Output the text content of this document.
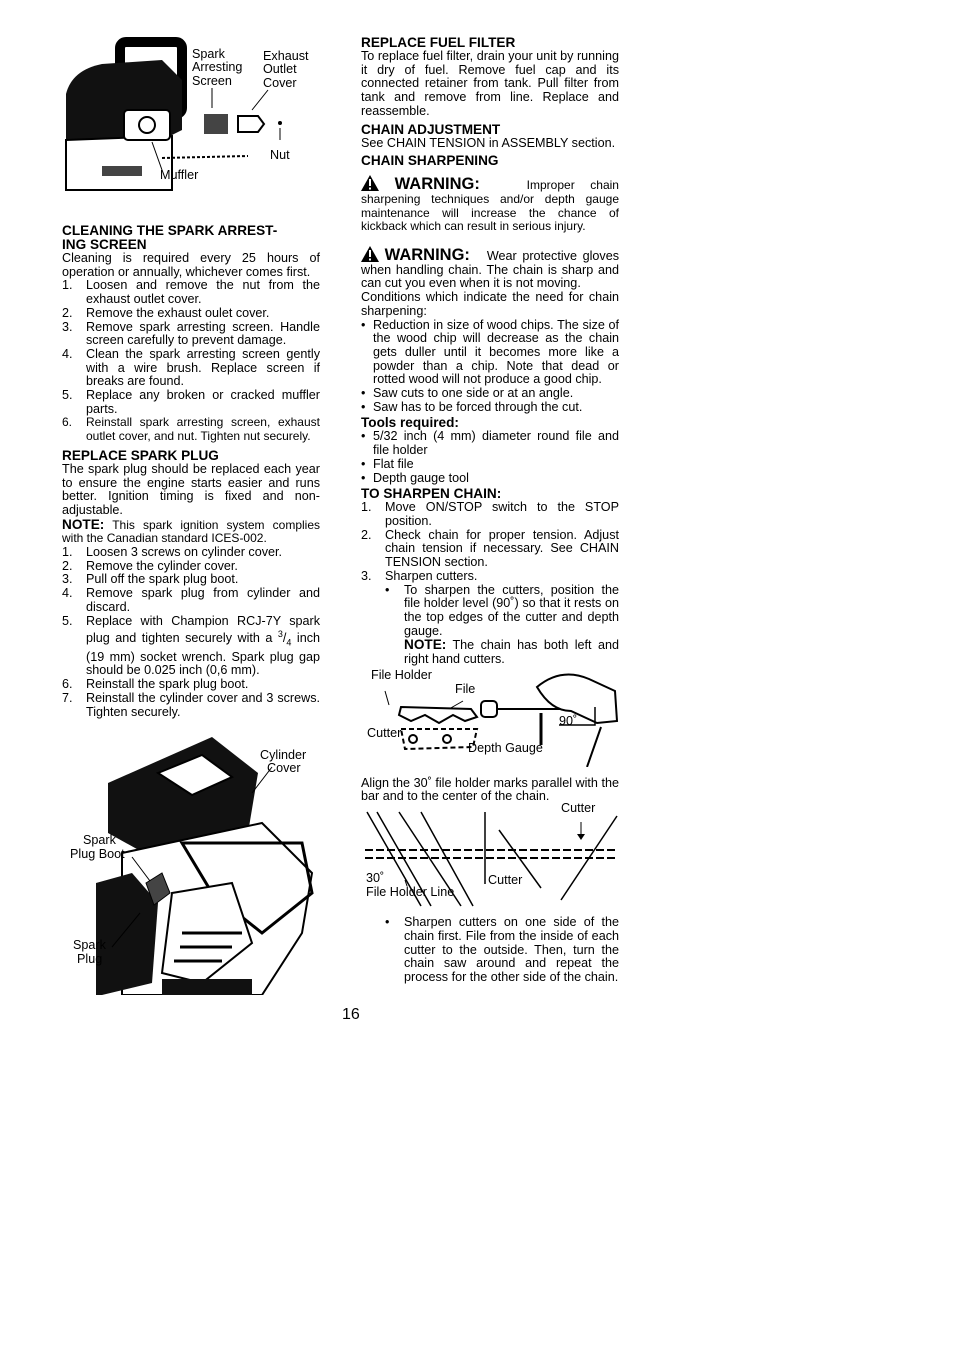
Spark
Arresting
Screen
Exhaust
Outlet
Cover
Nut
Muffler
CLEANING THE SPARK ARREST-
ING SCREEN

Cleaning is required every 25 hours of operation or annually, whichever comes first.

1. Loosen and remove the nut from the exhaust outlet cover.
2. Remove the exhaust oulet cover.
3. Remove spark arresting screen. Handle screen carefully to prevent damage.
4. Clean the spark arresting screen gently with a wire brush. Replace screen if breaks are found.
5. Replace any broken or cracked muffler parts.
6. Reinstall spark arresting screen, exhaust outlet cover, and nut. Tighten nut securely.
REPLACE SPARK PLUG

The spark plug should be replaced each year to ensure the engine starts easier and runs better. Ignition timing is fixed and non-adjustable.

NOTE: This spark ignition system complies with the Canadian standard ICES-002.

1. Loosen 3 screws on cylinder cover.
2. Remove the cylinder cover.
3. Pull off the spark plug boot.
4. Remove spark plug from cylinder and discard.
5. Replace with Champion RCJ-7Y spark plug and tighten securely with a $^3/_4$ inch (19 mm) socket wrench. Spark plug gap should be 0.025 inch (0,6 mm).
6. Reinstall the spark plug boot.
7. Reinstall the cylinder cover and 3 screws. Tighten securely.
Cylinder
Cover
Spark
Plug Boot
Spark
Plug
REPLACE FUEL FILTER

To replace fuel filter, drain your unit by running it dry of fuel. Remove fuel cap and its connected retainer from tank. Pull filter from tank and remove from line. Replace and reassemble.

CHAIN ADJUSTMENT

See CHAIN TENSION in ASSEMBLY section.

CHAIN SHARPENING

WARNING:	Improper chain sharpening techniques and/or depth gauge maintenance will increase the chance of kickback which can result in serious injury.

WARNING: Wear protective gloves when handling chain. The chain is sharp and can cut you even when it is not moving.

Conditions which indicate the need for chain sharpening:

• Reduction in size of wood chips. The size of the wood chip will decrease as the chain gets duller until it becomes more like a powder than a chip. Note that dead or rotted wood will not produce a good chip.
• Saw cuts to one side or at an angle.
• Saw has to be forced through the cut.
Tools required:
• 5/32 inch (4 mm) diameter round file and file holder
• Flat file
• Depth gauge tool
TO SHARPEN CHAIN:
1. Move ON/STOP switch to the STOP position.
2. Check chain for proper tension. Adjust chain tension if necessary. See CHAIN TENSION section.
3. Sharpen cutters.
• To sharpen the cutters, position the file holder level (90˚) so that it rests on the top edges of the cutter and depth gauge.
NOTE: The chain has both left and right hand cutters.
File Holder
File
Cutter
Depth Gauge
90˚

Align the 30˚ file holder marks parallel with the bar and to the center of the chain.

Cutter
30˚
File Holder Line
Cutter
• Sharpen cutters on one side of the chain first. File from the inside of each cutter to the outside. Then, turn the chain saw around and repeat the process for the other side of the chain.
16
